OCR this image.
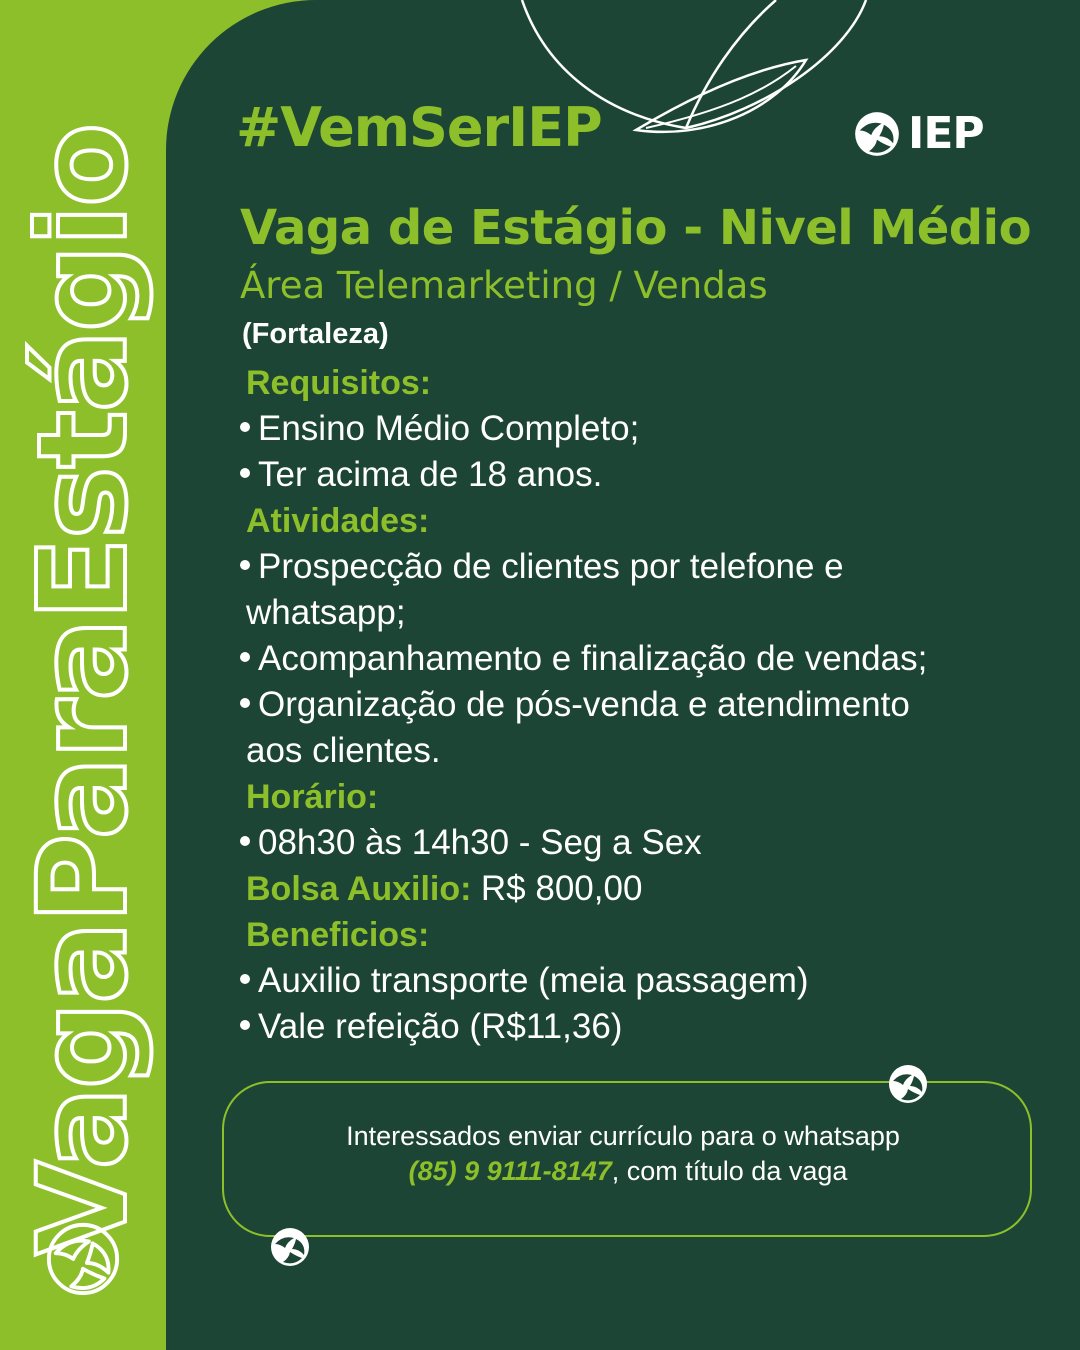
VagaParaEstágio #VemSerIEP	IEP
Vaga de Estágio - Nivel Médio
Área Telemarketing / Vendas
(Fortaleza)
Requisitos:
Ensino Médio Completo;
Ter acima de 18 anos.
Atividades:
Prospecção de clientes por telefone e
whatsapp;
Acompanhamento e finalização de vendas;
Organização de pós-venda e atendimento
aos clientes.
Horário:
08h30 às 14h30 - Seg a Sex
Bolsa Auxilio: R$ 800,00
Beneficios:
Auxilio transporte (meia passagem)
Vale refeição (R$11,36)
Interessados enviar currículo para o whatsapp
(85) 9 9111-8147, com título da vaga
